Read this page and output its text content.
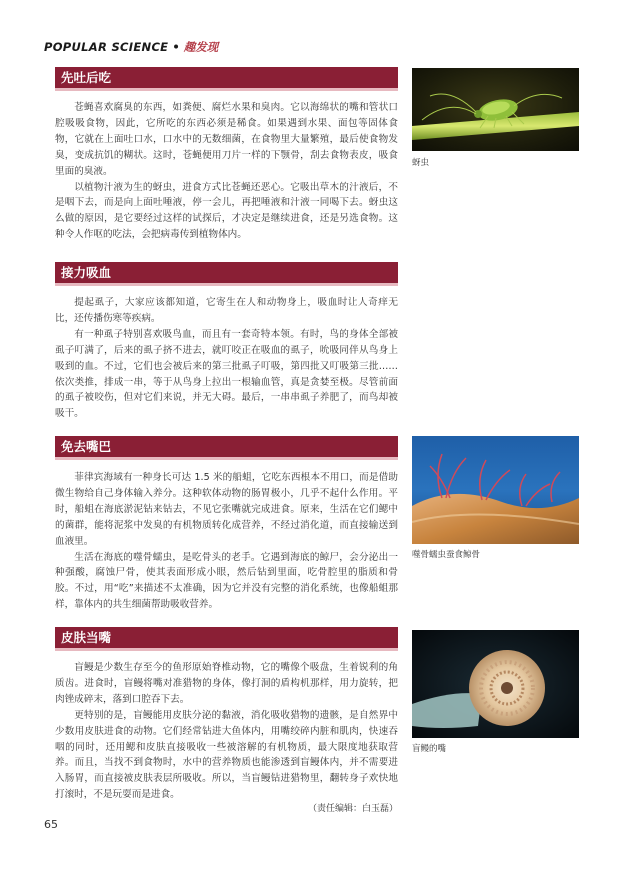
POPULAR SCIENCE • 趣发现
先吐后吃

苍蝇喜欢腐臭的东西，如粪便、腐烂水果和臭肉。它以海绵状的嘴和管状口腔吸吸食物，因此，它所吃的东西必须是稀食。如果遇到水果、面包等固体食物，它就在上面吐口水，口水中的无数细菌，在食物里大量繁殖，最后使食物发臭，变成抗饥的糊状。这时，苍蝇便用刀片一样的下颚骨，刮去食物表皮，吸食里面的臭液。

以植物汁液为生的蚜虫，进食方式比苍蝇还恶心。它吸出草木的汁液后，不是咽下去，而是向上面吐唾液，停一会儿，再把唾液和汁液一同喝下去。蚜虫这么做的原因，是它要经过这样的试探后，才决定是继续进食，还是另选食物。这种令人作呕的吃法，会把病毒传到植物体内。

接力吸血

提起虱子，大家应该都知道，它寄生在人和动物身上，吸血时让人奇痒无比，还传播伤寒等疾病。

有一种虱子特别喜欢吸鸟血，而且有一套奇特本领。有时，鸟的身体全部被虱子叮满了，后来的虱子挤不进去，就叮咬正在吸血的虱子，吮吸同伴从鸟身上吸到的血。不过，它们也会被后来的第三批虱子叮吸，第四批又叮吸第三批……依次类推，排成一串，等于从鸟身上拉出一根输血管，真是贪婪至极。尽管前面的虱子被咬伤，但对它们来说，并无大碍。最后，一串串虱子养肥了，而鸟却被吸干。

免去嘴巴

菲律宾海域有一种身长可达 1.5 米的船蛆，它吃东西根本不用口，而是借助微生物给自己身体输入养分。这种软体动物的肠胃极小，几乎不起什么作用。平时，船蛆在海底淤泥钻来钻去，不见它张嘴就完成进食。原来，生活在它们鳃中的菌群，能将泥浆中发臭的有机物质转化成营养，不经过消化道，而直接输送到血液里。

生活在海底的噬骨蠕虫，是吃骨头的老手。它遇到海底的鲸尸，会分泌出一种强酸，腐蚀尸骨，使其表面形成小眼，然后钻到里面，吃骨腔里的脂质和骨胶。不过，用“吃”来描述不太准确，因为它并没有完整的消化系统，也像船蛆那样，靠体内的共生细菌帮助吸收营养。

皮肤当嘴

盲鳗是少数生存至今的鱼形原始脊椎动物，它的嘴像个吸盘，生着锐利的角质齿。进食时，盲鳗将嘴对准猎物的身体，像打洞的盾构机那样，用力旋转，把肉锉成碎末，落到口腔吞下去。

更特别的是，盲鳗能用皮肤分泌的黏液，消化吸收猎物的遗骸，是自然界中少数用皮肤进食的动物。它们经常钻进大鱼体内，用嘴绞碎内脏和肌肉，快速吞咽的同时，还用鳃和皮肤直接吸收一些被溶解的有机物质，最大限度地获取营养。而且，当找不到食物时，水中的营养物质也能渗透到盲鳗体内，并不需要进入肠胃，而直接被皮肤表层所吸收。所以，当盲鳗钻进猎物里，翻转身子欢快地打滚时，不是玩耍而是进食。

（责任编辑：白玉磊）
蚜虫
噬骨蠕虫蚕食鲸骨
盲鳗的嘴
65
